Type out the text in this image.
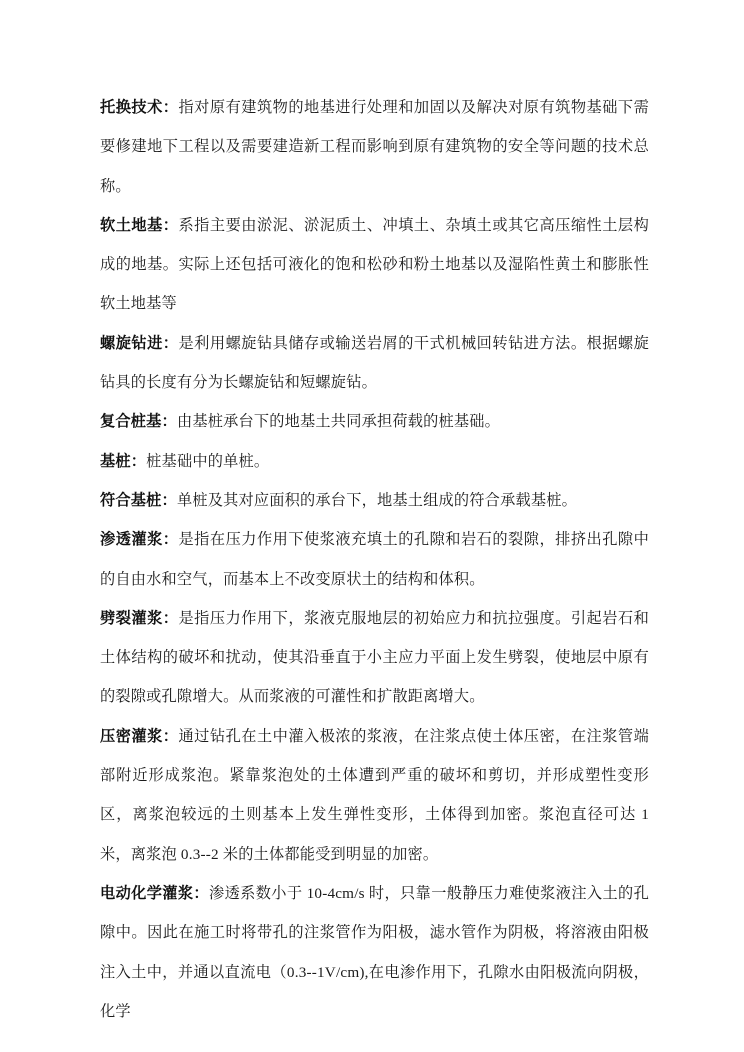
托换技术：指对原有建筑物的地基进行处理和加固以及解决对原有筑物基础下需要修建地下工程以及需要建造新工程而影响到原有建筑物的安全等问题的技术总称。

软土地基：系指主要由淤泥、淤泥质土、冲填土、杂填土或其它高压缩性土层构成的地基。实际上还包括可液化的饱和松砂和粉土地基以及湿陷性黄土和膨胀性软土地基等

螺旋钻进：是利用螺旋钻具储存或输送岩屑的干式机械回转钻进方法。根据螺旋钻具的长度有分为长螺旋钻和短螺旋钻。

复合桩基：由基桩承台下的地基土共同承担荷载的桩基础。

基桩：桩基础中的单桩。

符合基桩：单桩及其对应面积的承台下，地基土组成的符合承载基桩。

渗透灌浆：是指在压力作用下使浆液充填土的孔隙和岩石的裂隙，排挤出孔隙中的自由水和空气，而基本上不改变原状土的结构和体积。

劈裂灌浆：是指压力作用下，浆液克服地层的初始应力和抗拉强度。引起岩石和土体结构的破坏和扰动，使其沿垂直于小主应力平面上发生劈裂，使地层中原有的裂隙或孔隙增大。从而浆液的可灌性和扩散距离增大。

压密灌浆：通过钻孔在土中灌入极浓的浆液，在注浆点使土体压密，在注浆管端部附近形成浆泡。紧靠浆泡处的土体遭到严重的破坏和剪切，并形成塑性变形区，离浆泡较远的土则基本上发生弹性变形，土体得到加密。浆泡直径可达 1 米，离浆泡 0.3--2 米的土体都能受到明显的加密。

电动化学灌浆：渗透系数小于 10-4cm/s 时，只靠一般静压力难使浆液注入土的孔隙中。因此在施工时将带孔的注浆管作为阳极，滤水管作为阴极，将溶液由阳极注入土中，并通以直流电（0.3--1V/cm),在电渗作用下，孔隙水由阳极流向阴极，化学
